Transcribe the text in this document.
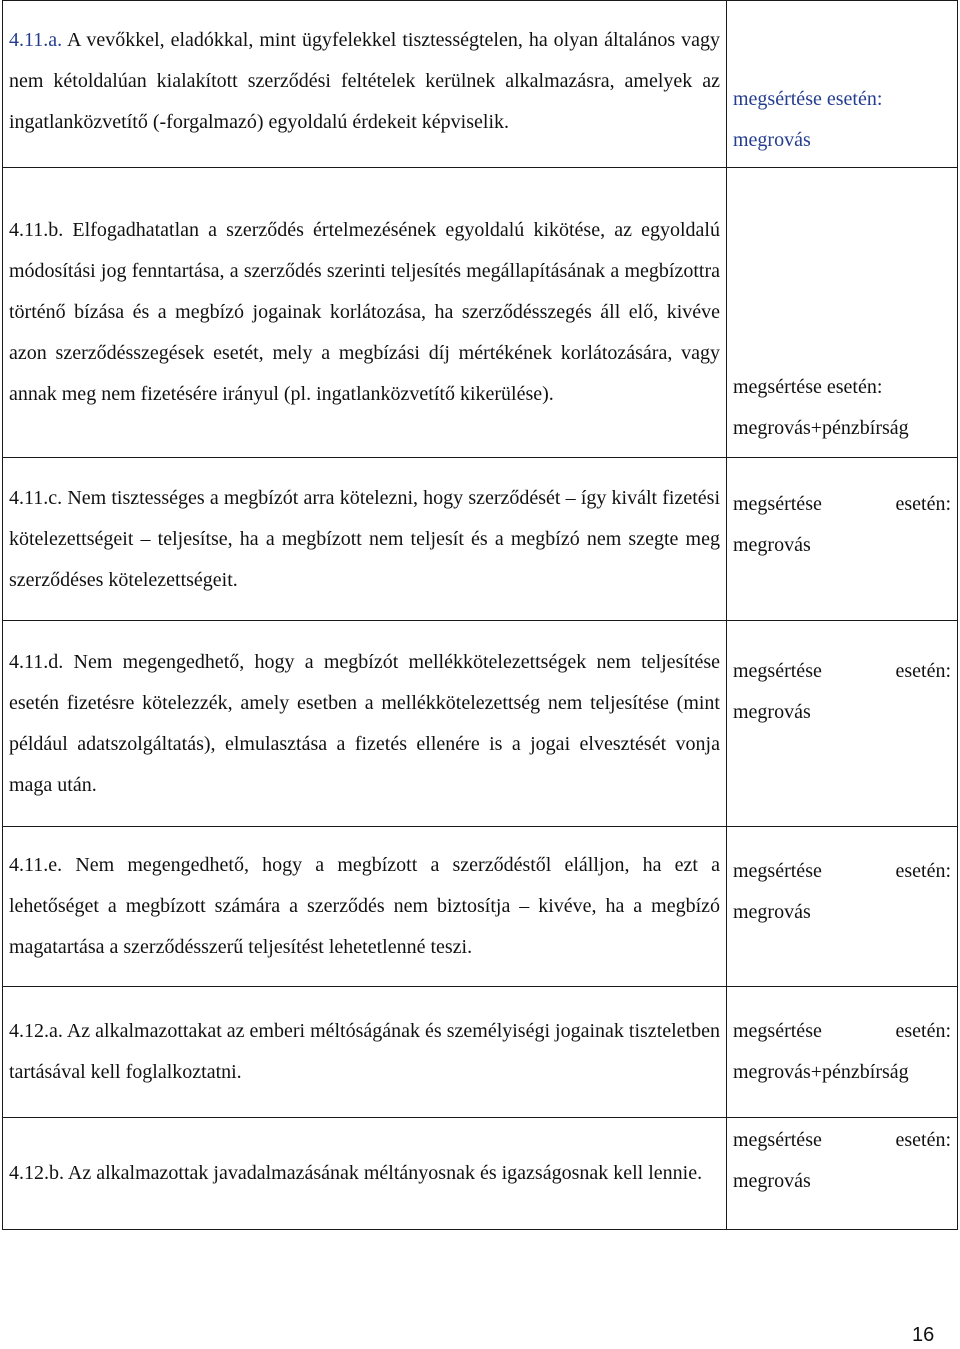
4.11.a. A vevőkkel, eladókkal, mint ügyfelekkel tisztességtelen, ha olyan általános vagy nem kétoldalúan kialakított szerződési feltételek kerülnek alkalmazásra, amelyek az ingatlanközvetítő (-forgalmazó) egyoldalú érdekeit képviselik.	megsértése esetén:
megrovás

4.11.b. Elfogadhatatlan a szerződés értelmezésének egyoldalú kikötése, az egyoldalú módosítási jog fenntartása, a szerződés szerinti teljesítés megállapításának a megbízottra történő bízása és a megbízó jogainak korlátozása, ha szerződésszegés áll elő, kivéve azon szerződésszegések esetét, mely a megbízási díj mértékének korlátozására, vagy annak meg nem fizetésére irányul (pl. ingatlanközvetítő kikerülése).	megsértése esetén:
megrovás+pénzbírság

4.11.c. Nem tisztességes a megbízót arra kötelezni, hogy szerződését – így kivált fizetési kötelezettségeit – teljesítse, ha a megbízott nem teljesít és a megbízó nem szegte meg szerződéses kötelezettségeit.	megsértése esetén:
megrovás

4.11.d. Nem megengedhető, hogy a megbízót mellékkötelezettségek nem teljesítése esetén fizetésre kötelezzék, amely esetben a mellékkötelezettség nem teljesítése (mint például adatszolgáltatás), elmulasztása a fizetés ellenére is a jogai elvesztését vonja maga után.	megsértése esetén:
megrovás

4.11.e. Nem megengedhető, hogy a megbízott a szerződéstől elálljon, ha ezt a lehetőséget a megbízott számára a szerződés nem biztosítja – kivéve, ha a megbízó magatartása a szerződésszerű teljesítést lehetetlenné teszi.	megsértése esetén:
megrovás

4.12.a. Az alkalmazottakat az emberi méltóságának és személyiségi jogainak tiszteletben tartásával kell foglalkoztatni.	megsértése esetén:
megrovás+pénzbírság

4.12.b. Az alkalmazottak javadalmazásának méltányosnak és igazságosnak kell lennie.	megsértése esetén:
megrovás
16
